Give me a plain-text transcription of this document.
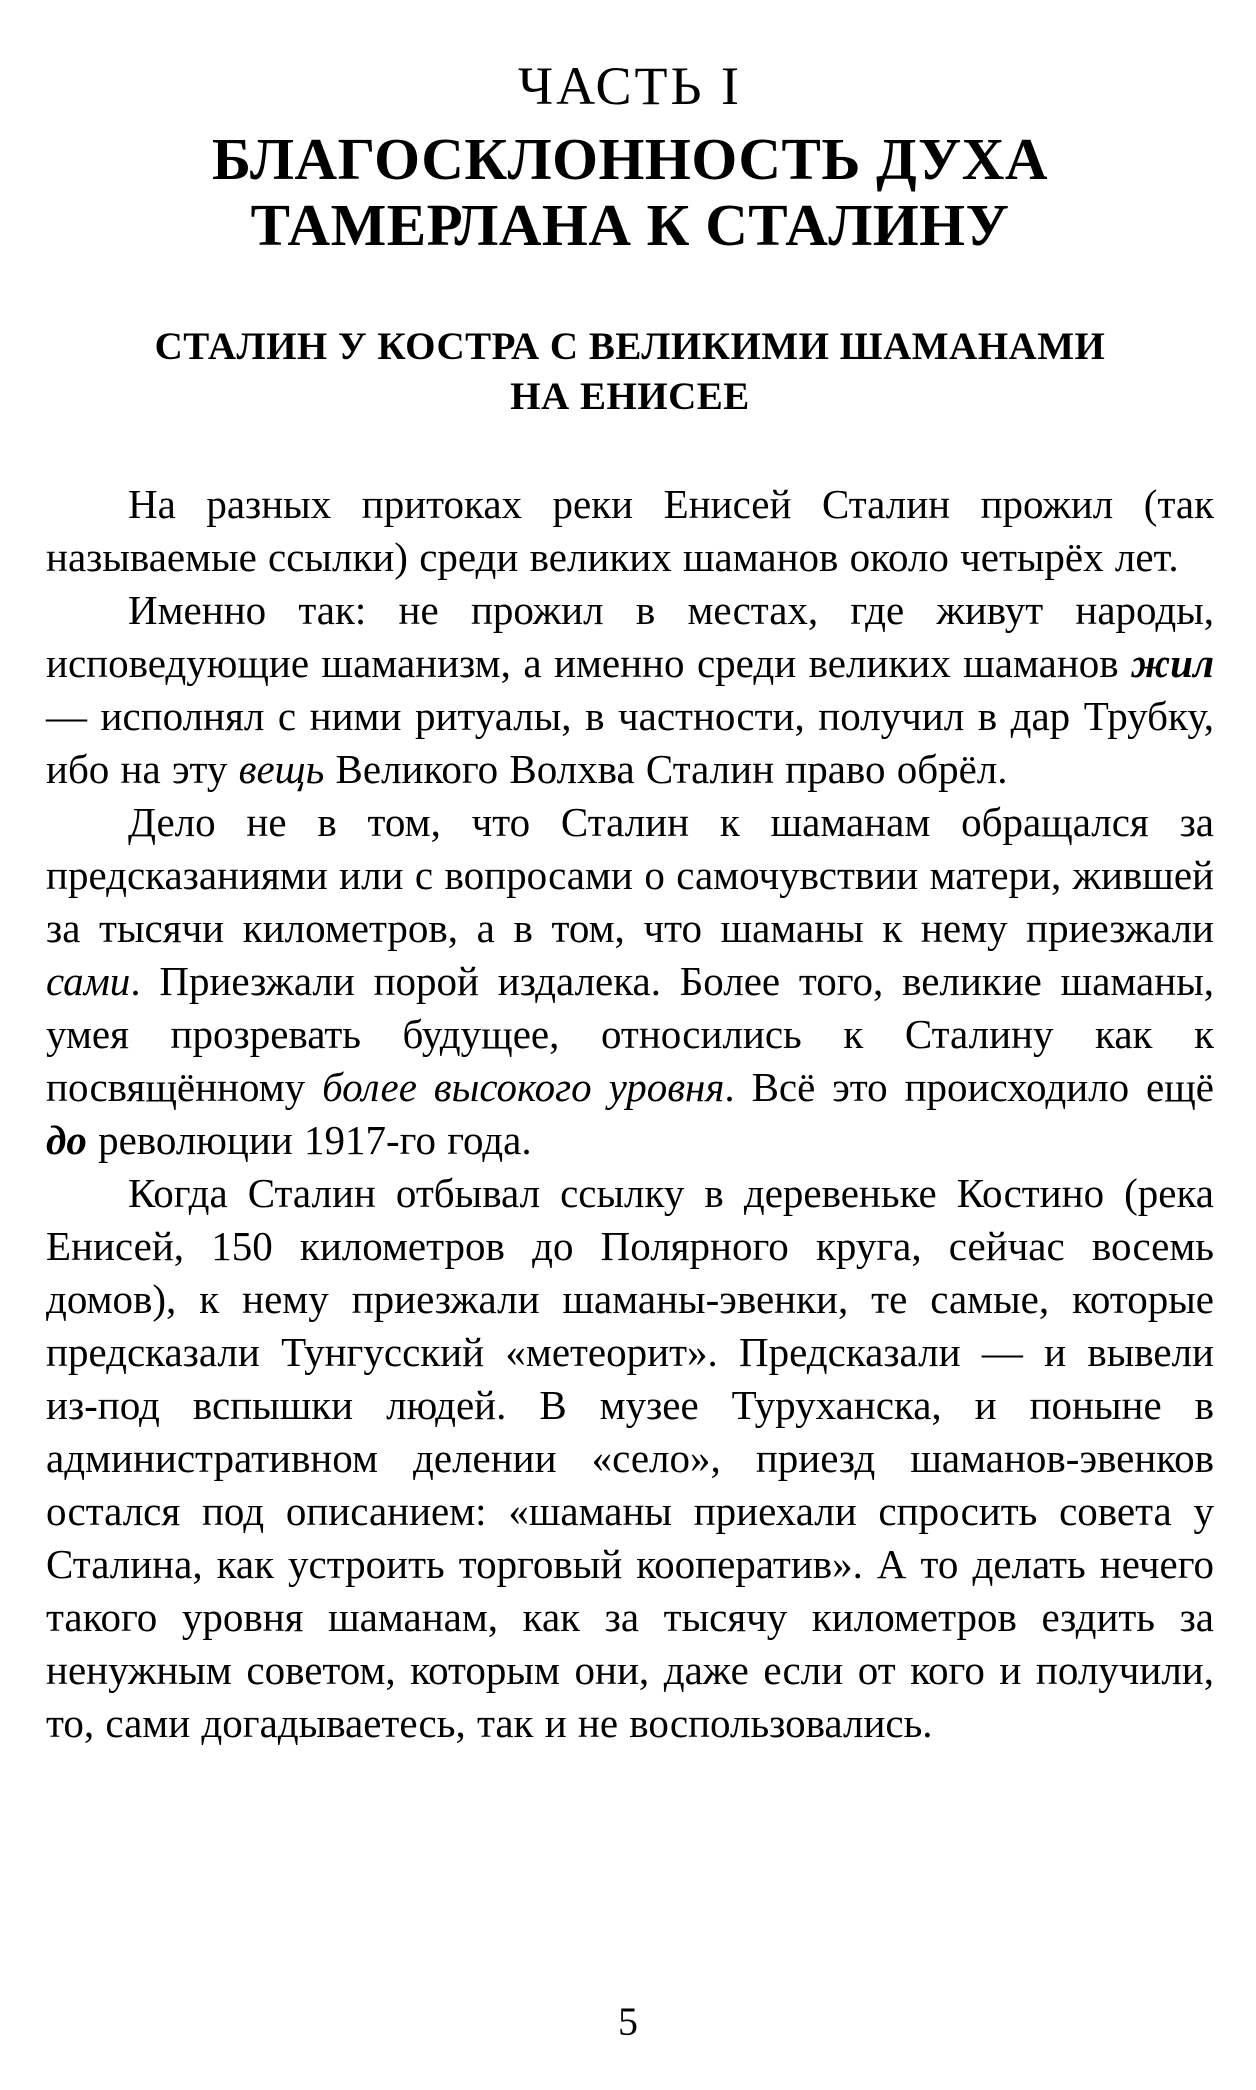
ЧАСТЬ I
БЛАГОСКЛОННОСТЬ ДУХА
ТАМЕРЛАНА К СТАЛИНУ
СТАЛИН У КОСТРА С ВЕЛИКИМИ ШАМАНАМИ
НА ЕНИСЕЕ

На разных притоках реки Енисей Сталин прожил (так называемые ссылки) среди великих шаманов около четырёх лет.

Именно так: не прожил в местах, где живут народы, исповедующие шаманизм, а именно среди великих шаманов жил — исполнял с ними ритуалы, в частности, получил в дар Трубку, ибо на эту вещь Великого Волхва Сталин право обрёл.

Дело не в том, что Сталин к шаманам обращался за предсказаниями или с вопросами о самочувствии матери, жившей за тысячи километров, а в том, что шаманы к нему приезжали сами. Приезжали порой издалека. Более того, великие шаманы, умея прозревать будущее, относились к Сталину как к посвящённому более высокого уровня. Всё это происходило ещё до революции 1917-го года.

Когда Сталин отбывал ссылку в деревеньке Костино (река Енисей, 150 километров до Полярного круга, сейчас восемь домов), к нему приезжали шаманы-эвенки, те самые, которые предсказали Тунгусский «метеорит». Предсказали — и вывели из-под вспышки людей. В музее Туруханска, и поныне в административном делении «село», приезд шаманов-эвенков остался под описанием: «шаманы приехали спросить совета у Сталина, как устроить торговый кооператив». А то делать нечего такого уровня шаманам, как за тысячу километров ездить за ненужным советом, которым они, даже если от кого и получили, то, сами догадываетесь, так и не воспользовались.

5
